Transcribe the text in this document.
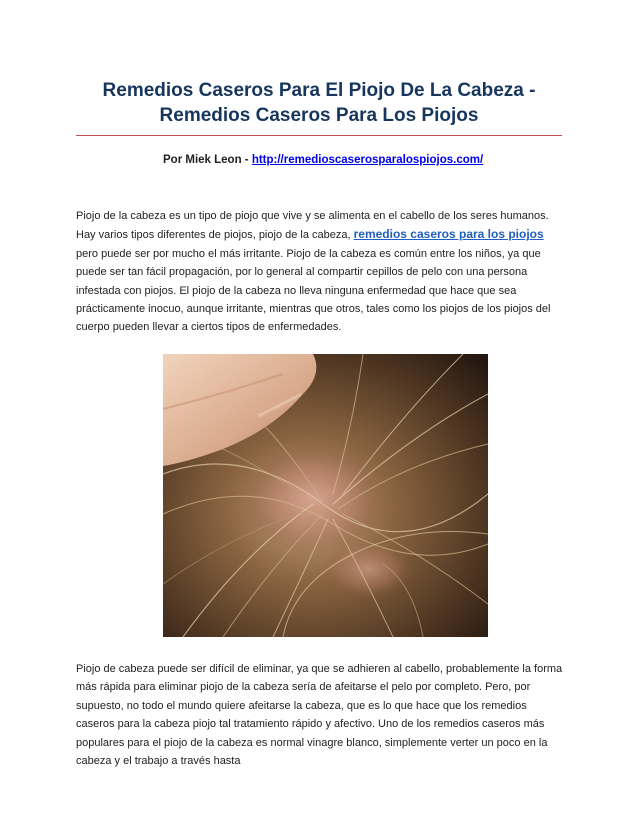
Remedios Caseros Para El Piojo De La Cabeza -
Remedios Caseros Para Los Piojos
Por Miek Leon - http://remedioscaserosparalospiojos.com/

Piojo de la cabeza es un tipo de piojo que vive y se alimenta en el cabello de los seres humanos. Hay varios tipos diferentes de piojos, piojo de la cabeza, remedios caseros para los piojos pero puede ser por mucho el más irritante. Piojo de la cabeza es común entre los niños, ya que puede ser tan fácil propagación, por lo general al compartir cepillos de pelo con una persona infestada con piojos. El piojo de la cabeza no lleva ninguna enfermedad que hace que sea prácticamente inocuo, aunque irritante, mientras que otros, tales como los piojos de los piojos del cuerpo pueden llevar a ciertos tipos de enfermedades.

Piojo de cabeza puede ser difícil de eliminar, ya que se adhieren al cabello, probablemente la forma más rápida para eliminar piojo de la cabeza sería de afeitarse el pelo por completo. Pero, por supuesto, no todo el mundo quiere afeitarse la cabeza, que es lo que hace que los remedios caseros para la cabeza piojo tal tratamiento rápido y afectivo. Uno de los remedios caseros más populares para el piojo de la cabeza es normal vinagre blanco, simplemente verter un poco en la cabeza y el trabajo a través hasta
